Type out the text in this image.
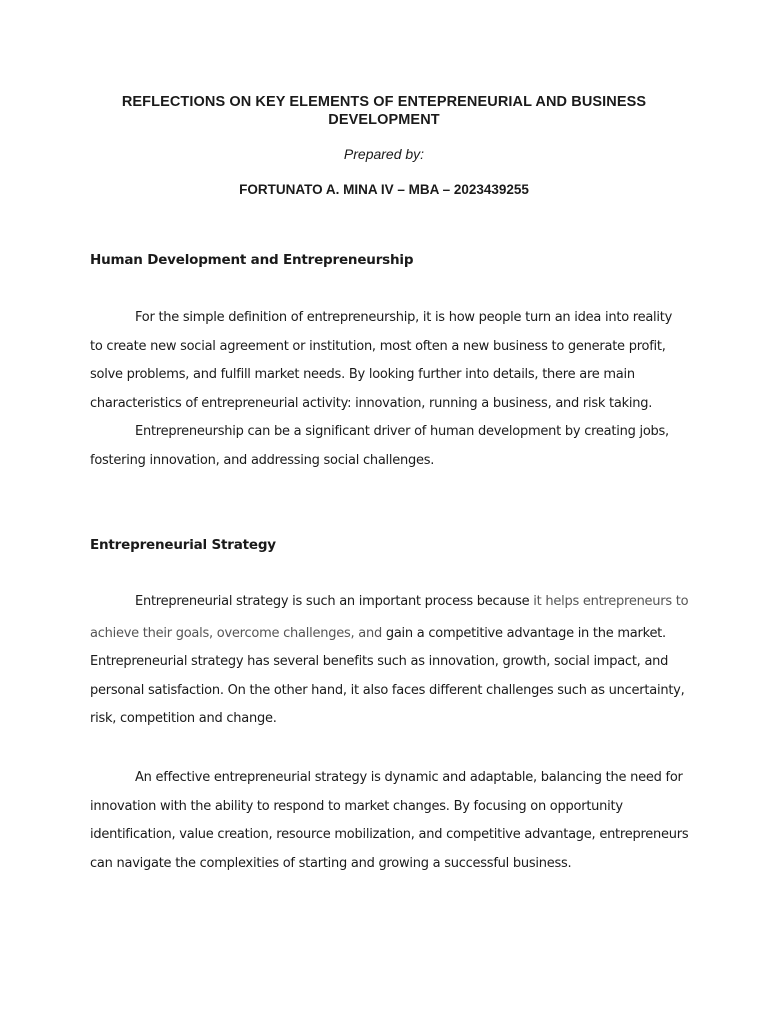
REFLECTIONS ON KEY ELEMENTS OF ENTEPRENEURIAL AND BUSINESS
DEVELOPMENT
Prepared by:
FORTUNATO A. MINA IV – MBA – 2023439255
Human Development and Entrepreneurship
For the simple definition of entrepreneurship, it is how people turn an idea into reality
to create new social agreement or institution, most often a new business to generate profit,
solve problems, and fulfill market needs. By looking further into details, there are main
characteristics of entrepreneurial activity: innovation, running a business, and risk taking.
Entrepreneurship can be a significant driver of human development by creating jobs,
fostering innovation, and addressing social challenges.
Entrepreneurial Strategy
Entrepreneurial strategy is such an important process because it helps entrepreneurs to
achieve their goals, overcome challenges, and gain a competitive advantage in the market.
Entrepreneurial strategy has several benefits such as innovation, growth, social impact, and
personal satisfaction. On the other hand, it also faces different challenges such as uncertainty,
risk, competition and change.
An effective entrepreneurial strategy is dynamic and adaptable, balancing the need for
innovation with the ability to respond to market changes. By focusing on opportunity
identification, value creation, resource mobilization, and competitive advantage, entrepreneurs
can navigate the complexities of starting and growing a successful business.
